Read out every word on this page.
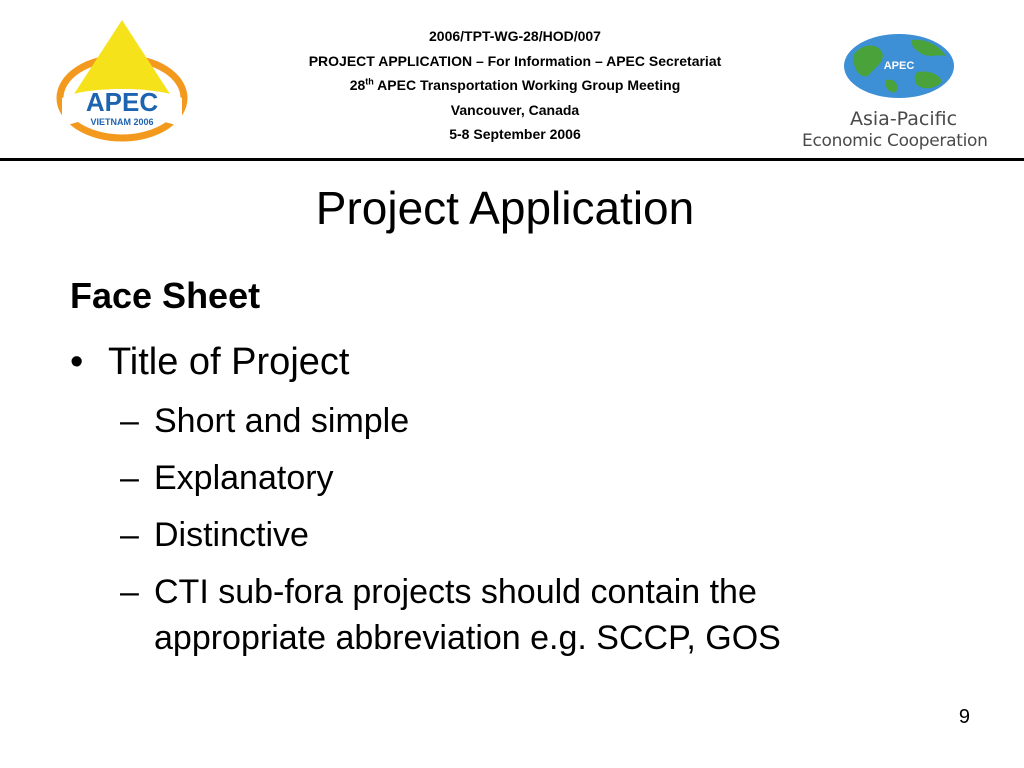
APEC
VIETNAM 2006
2006/TPT-WG-28/HOD/007
PROJECT APPLICATION – For Information – APEC Secretariat
28th APEC Transportation Working Group Meeting
Vancouver, Canada
5-8 September 2006
APEC
Asia-Pacific
Economic Cooperation
Project Application
Face Sheet
• Title of Project
– Short and simple
– Explanatory
– Distinctive
– CTI sub-fora projects should contain the appropriate abbreviation e.g. SCCP, GOS
9
